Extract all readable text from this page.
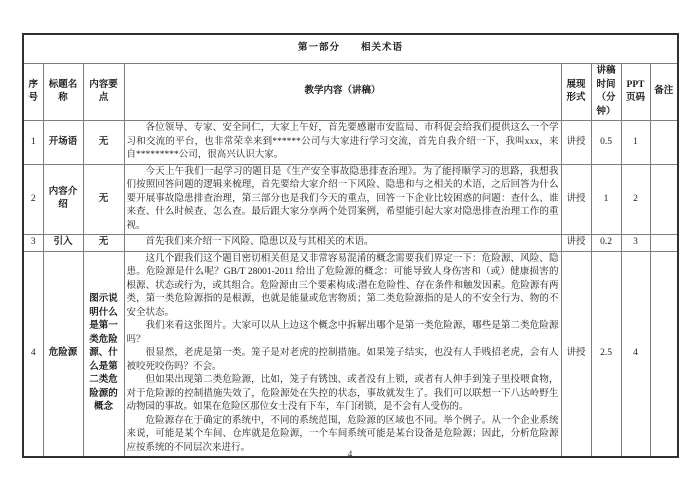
第一部分　　相关术语							
序号	标题名称	内容要点	教学内容（讲稿）	展现形式	讲稿时间（分钟）	PPT页码	备注
1	开场语	无	各位领导、专家、安全同仁，大家上午好，首先要感谢市安监局、市科促会给我们提供这么一个学习和交流的平台，也非常荣幸来到******公司与大家进行学习交流，首先自我介绍一下，我叫xxx，来自*********公司，很高兴认识大家。	讲授	0.5	1	
2	内容介绍	无	今天上午我们一起学习的题目是《生产安全事故隐患排查治理》。为了能捋顺学习的思路，我想我们按照回答问题的逻辑来梳理，首先要给大家介绍一下风险、隐患和与之相关的术语，之后回答为什么要开展事故隐患排查治理，第三部分也是我们今天的重点，回答一下企业比较困惑的问题：查什么、谁来查、什么时候查、怎么查。最后跟大家分享两个处罚案例，希望能引起大家对隐患排查治理工作的重视。	讲授	1	2	
3	引入	无	首先我们来介绍一下风险、隐患以及与其相关的术语。	讲授	0.2	3	
4	危险源	图示说明什么是第一类危险源、什么是第二类危险源的概念	这几个跟我们这个题目密切相关但是又非常容易混淆的概念需要我们界定一下：危险源、风险、隐患。危险源是什么呢？GB/T 28001-2011 给出了危险源的概念：可能导致人身伤害和（或）健康损害的根源、状态或行为，或其组合。危险源由三个要素构成:潜在危险性、存在条件和触发因素。危险源有两类，第一类危险源指的是根源，也就是能量或危害物质；第二类危险源指的是人的不安全行为、物的不安全状态。

我们来看这张图片。大家可以从上边这个概念中拆解出哪个是第一类危险源，哪些是第二类危险源吗？

很显然，老虎是第一类。笼子是对老虎的控制措施。如果笼子结实，也没有人手贱招老虎，会有人被咬死咬伤吗？不会。

但如果出现第二类危险源，比如，笼子有锈蚀、或者没有上锁，或者有人伸手到笼子里投喂食物，对于危险源的控制措施失效了，危险源处在失控的状态，事故就发生了。我们可以联想一下八达岭野生动物园的事故。如果在危险区那位女士没有下车，车门闭锁，是不会有人受伤的。

危险源存在于确定的系统中，不同的系统范围，危险源的区域也不同。举个例子。从一个企业系统来说，可能是某个车间、仓库就是危险源，一个车间系统可能是某台设备是危险源；因此，分析危险源应按系统的不同层次来进行。	讲授	2.5	4	
4
